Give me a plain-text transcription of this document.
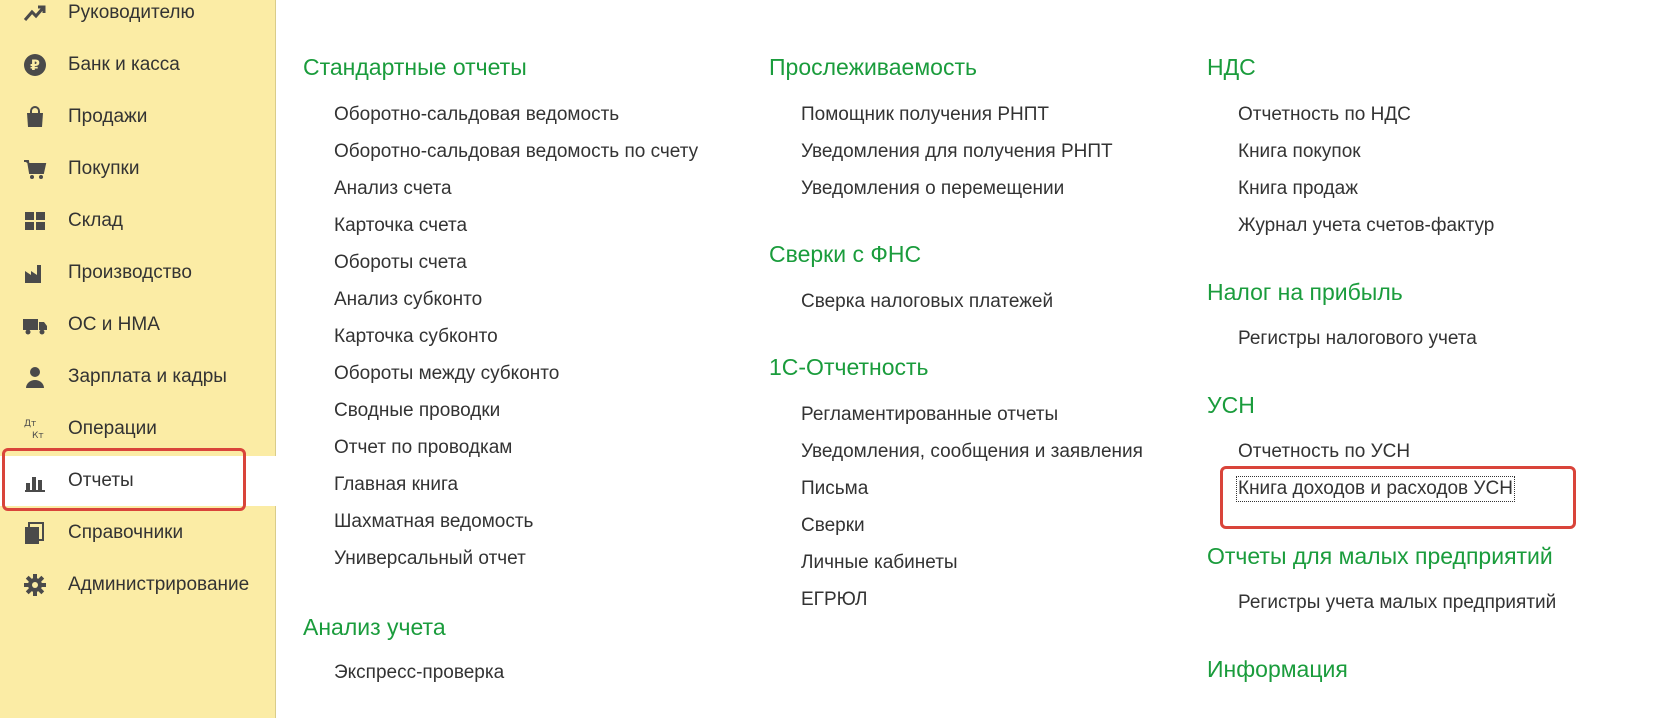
Руководителю
₽ Банк и касса
Продажи
Покупки
Склад
Производство
ОС и НМА
Зарплата и кадры
Дт
Кт Операции
Отчеты
Справочники
Администрирование
Стандартные отчеты
Оборотно-сальдовая ведомость
Оборотно-сальдовая ведомость по счету
Анализ счета
Карточка счета
Обороты счета
Анализ субконто
Карточка субконто
Обороты между субконто
Сводные проводки
Отчет по проводкам
Главная книга
Шахматная ведомость
Универсальный отчет
Анализ учета
Экспресс-проверка
Прослеживаемость
Помощник получения РНПТ
Уведомления для получения РНПТ
Уведомления о перемещении
Сверки с ФНС
Сверка налоговых платежей
1С-Отчетность
Регламентированные отчеты
Уведомления, сообщения и заявления
Письма
Сверки
Личные кабинеты
ЕГРЮЛ
НДС
Отчетность по НДС
Книга покупок
Книга продаж
Журнал учета счетов-фактур
Налог на прибыль
Регистры налогового учета
УСН
Отчетность по УСН
Книга доходов и расходов УСН
Отчеты для малых предприятий
Регистры учета малых предприятий
Информация
